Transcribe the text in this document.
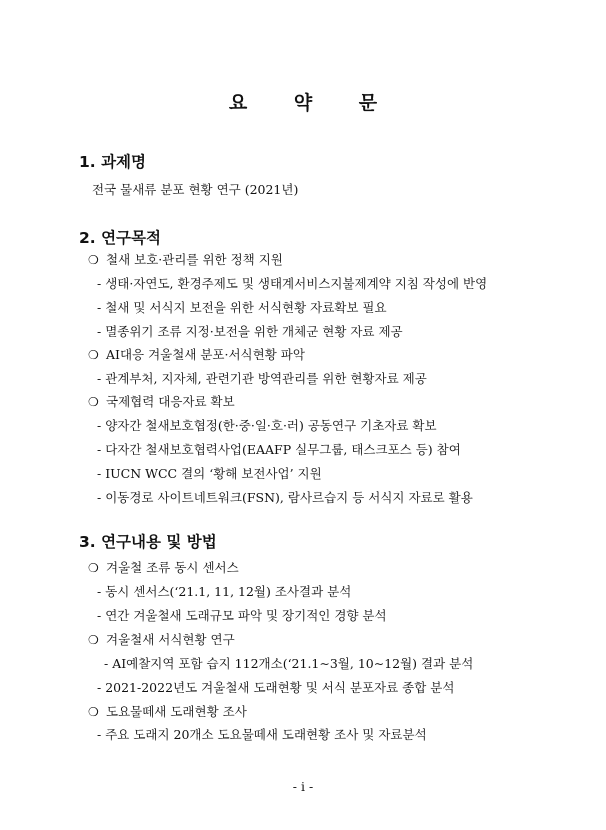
요 약 문
1. 과제명
전국 물새류 분포 현황 연구 (2021년)
2. 연구목적
❍ 철새 보호·관리를 위한 정책 지원
- 생태·자연도, 환경주제도 및 생태계서비스지불제계약 지침 작성에 반영
- 철새 및 서식지 보전을 위한 서식현황 자료확보 필요
- 멸종위기 조류 지정·보전을 위한 개체군 현황 자료 제공
❍ AI대응 겨울철새 분포·서식현황 파악
- 관계부처, 지자체, 관련기관 방역관리를 위한 현황자료 제공
❍ 국제협력 대응자료 확보
- 양자간 철새보호협정(한·중·일·호·러) 공동연구 기초자료 확보
- 다자간 철새보호협력사업(EAAFP 실무그룹, 태스크포스 등) 참여
- IUCN WCC 결의 ‘황해 보전사업’ 지원
- 이동경로 사이트네트워크(FSN), 람사르습지 등 서식지 자료로 활용
3. 연구내용 및 방법
❍ 겨울철 조류 동시 센서스
- 동시 센서스(‘21.1, 11, 12월) 조사결과 분석
- 연간 겨울철새 도래규모 파악 및 장기적인 경향 분석
❍ 겨울철새 서식현황 연구
- AI예찰지역 포함 습지 112개소(‘21.1∼3월, 10∼12월) 결과 분석
- 2021-2022년도 겨울철새 도래현황 및 서식 분포자료 종합 분석
❍ 도요물떼새 도래현황 조사
- 주요 도래지 20개소 도요물떼새 도래현황 조사 및 자료분석
- i -
